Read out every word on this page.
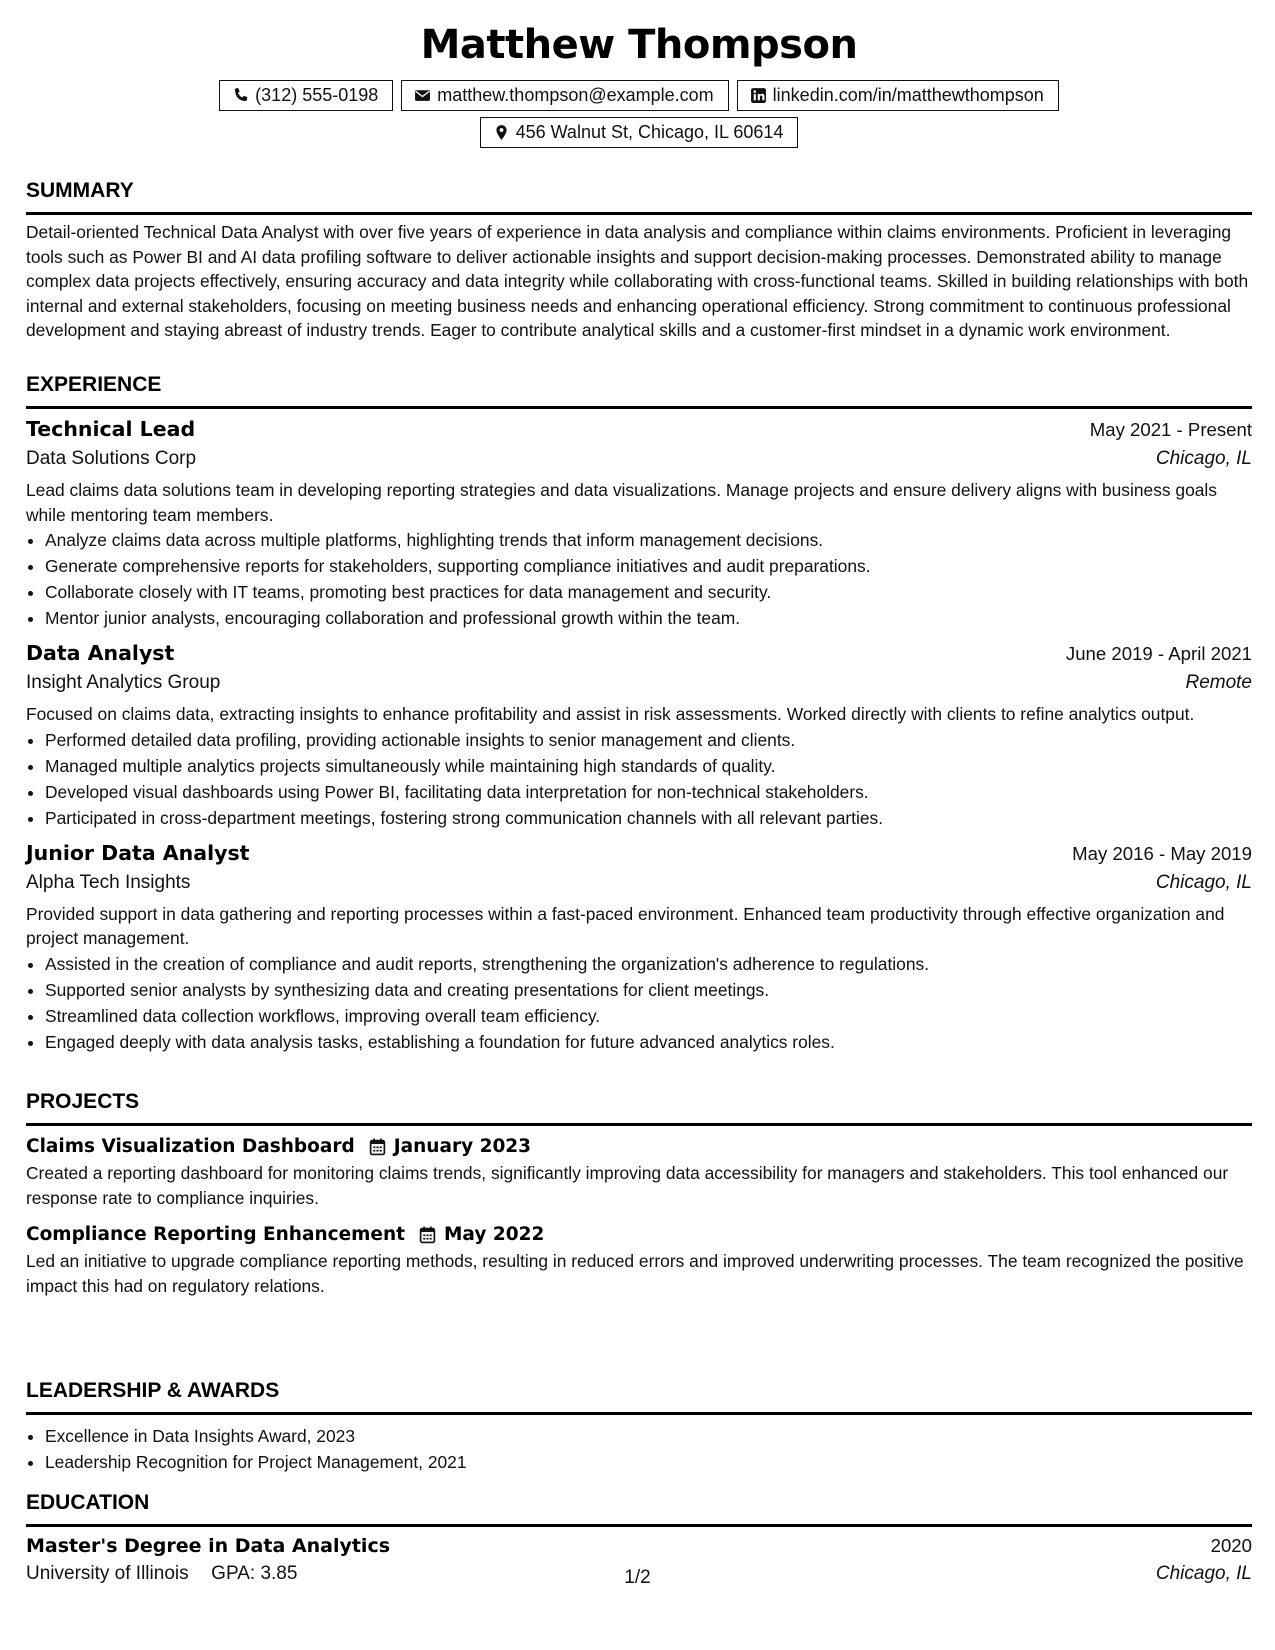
Matthew Thompson
(312) 555-0198	matthew.thompson@example.com	linkedin.com/in/matthewthompson
456 Walnut St, Chicago, IL 60614
SUMMARY

Detail-oriented Technical Data Analyst with over five years of experience in data analysis and compliance within claims environments. Proficient in leveraging tools such as Power BI and AI data profiling software to deliver actionable insights and support decision-making processes. Demonstrated ability to manage complex data projects effectively, ensuring accuracy and data integrity while collaborating with cross-functional teams. Skilled in building relationships with both internal and external stakeholders, focusing on meeting business needs and enhancing operational efficiency. Strong commitment to continuous professional development and staying abreast of industry trends. Eager to contribute analytical skills and a customer-first mindset in a dynamic work environment.

EXPERIENCE
Technical Lead	May 2021 - Present
Data Solutions Corp	Chicago, IL

Lead claims data solutions team in developing reporting strategies and data visualizations. Manage projects and ensure delivery aligns with business goals while mentoring team members.

• Analyze claims data across multiple platforms, highlighting trends that inform management decisions.
• Generate comprehensive reports for stakeholders, supporting compliance initiatives and audit preparations.
• Collaborate closely with IT teams, promoting best practices for data management and security.
• Mentor junior analysts, encouraging collaboration and professional growth within the team.
Data Analyst	June 2019 - April 2021
Insight Analytics Group	Remote

Focused on claims data, extracting insights to enhance profitability and assist in risk assessments. Worked directly with clients to refine analytics output.

• Performed detailed data profiling, providing actionable insights to senior management and clients.
• Managed multiple analytics projects simultaneously while maintaining high standards of quality.
• Developed visual dashboards using Power BI, facilitating data interpretation for non-technical stakeholders.
• Participated in cross-department meetings, fostering strong communication channels with all relevant parties.
Junior Data Analyst	May 2016 - May 2019
Alpha Tech Insights	Chicago, IL

Provided support in data gathering and reporting processes within a fast-paced environment. Enhanced team productivity through effective organization and project management.

• Assisted in the creation of compliance and audit reports, strengthening the organization's adherence to regulations.
• Supported senior analysts by synthesizing data and creating presentations for client meetings.
• Streamlined data collection workflows, improving overall team efficiency.
• Engaged deeply with data analysis tasks, establishing a foundation for future advanced analytics roles.
PROJECTS
Claims Visualization Dashboard January 2023

Created a reporting dashboard for monitoring claims trends, significantly improving data accessibility for managers and stakeholders. This tool enhanced our response rate to compliance inquiries.

Compliance Reporting Enhancement May 2022

Led an initiative to upgrade compliance reporting methods, resulting in reduced errors and improved underwriting processes. The team recognized the positive impact this had on regulatory relations.

LEADERSHIP & AWARDS
• Excellence in Data Insights Award, 2023
• Leadership Recognition for Project Management, 2021
EDUCATION
Master's Degree in Data Analytics	2020
University of Illinois GPA: 3.85	Chicago, IL
1/2
